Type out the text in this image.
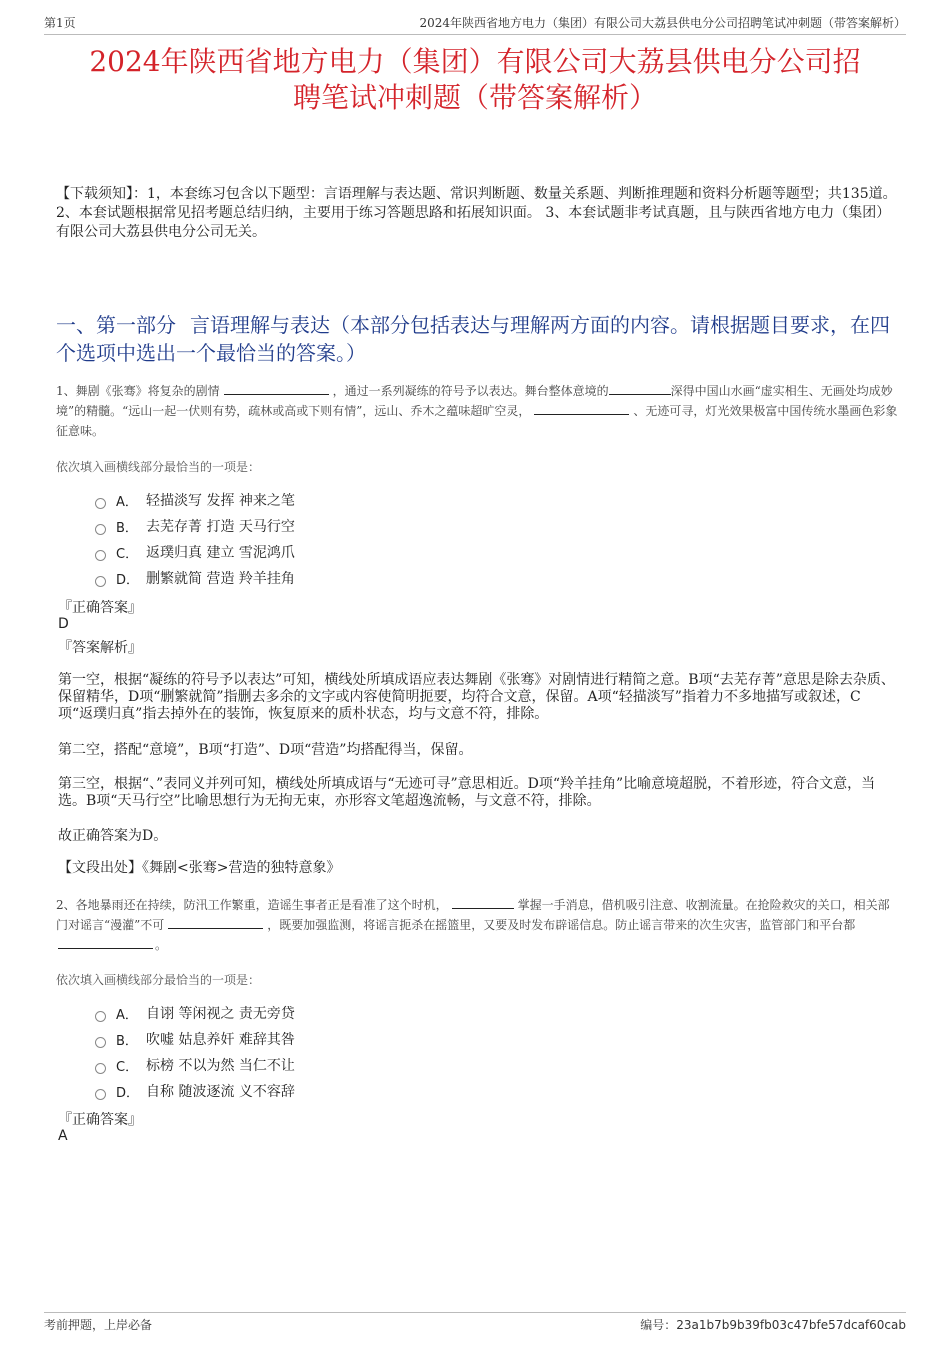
第1页	2024年陕西省地方电力（集团）有限公司大荔县供电分公司招聘笔试冲刺题（带答案解析）
2024年陕西省地方电力（集团）有限公司大荔县供电分公司招
聘笔试冲刺题（带答案解析）
【下载须知】：1，本套练习包含以下题型：言语理解与表达题、常识判断题、数量关系题、判断推理题和资料分析题等题型；共135道。 2、本套试题根据常见招考题总结归纳，主要用于练习答题思路和拓展知识面。 3、本套试题非考试真题，且与陕西省地方电力（集团）有限公司大荔县供电分公司无关。
一、第一部分 言语理解与表达（本部分包括表达与理解两方面的内容。请根据题目要求，在四个选项中选出一个最恰当的答案。）
1、舞剧《张骞》将复杂的剧情	，通过一系列凝练的符号予以表达。舞台整体意境的	深得中国山水画“虚实相生、无画处均成妙境”的精髓。“远山一起一伏则有势，疏林或高或下则有情”，远山、乔木之蕴味超旷空灵，	、无迹可寻，灯光效果极富中国传统水墨画色彩象征意味。
依次填入画横线部分最恰当的一项是：
A． 轻描淡写 发挥 神来之笔
B． 去芜存菁 打造 天马行空
C． 返璞归真 建立 雪泥鸿爪
D． 删繁就简 营造 羚羊挂角
『正确答案』
D
『答案解析』
第一空，根据“凝练的符号予以表达”可知，横线处所填成语应表达舞剧《张骞》对剧情进行精简之意。B项“去芜存菁”意思是除去杂质、保留精华，D项“删繁就简”指删去多余的文字或内容使简明扼要，均符合文意，保留。A项“轻描淡写”指着力不多地描写或叙述，C项“返璞归真”指去掉外在的装饰，恢复原来的质朴状态，均与文意不符，排除。
第二空，搭配“意境”，B项“打造”、D项“营造”均搭配得当，保留。
第三空，根据“、”表同义并列可知，横线处所填成语与“无迹可寻”意思相近。D项“羚羊挂角”比喻意境超脱，不着形迹，符合文意，当选。B项“天马行空”比喻思想行为无拘无束，亦形容文笔超逸流畅，与文意不符，排除。
故正确答案为D。
【文段出处】《舞剧<张骞>营造的独特意象》
2、各地暴雨还在持续，防汛工作繁重，造谣生事者正是看准了这个时机，	掌握一手消息，借机吸引注意、收割流量。在抢险救灾的关口，相关部门对谣言“漫灌”不可	，既要加强监测，将谣言扼杀在摇篮里，又要及时发布辟谣信息。防止谣言带来的次生灾害，监管部门和平台都。
依次填入画横线部分最恰当的一项是：
A． 自诩 等闲视之 责无旁贷
B． 吹嘘 姑息养奸 难辞其咎
C． 标榜 不以为然 当仁不让
D． 自称 随波逐流 义不容辞
『正确答案』
A
考前押题，上岸必备	编号：23a1b7b9b39fb03c47bfe57dcaf60cab
